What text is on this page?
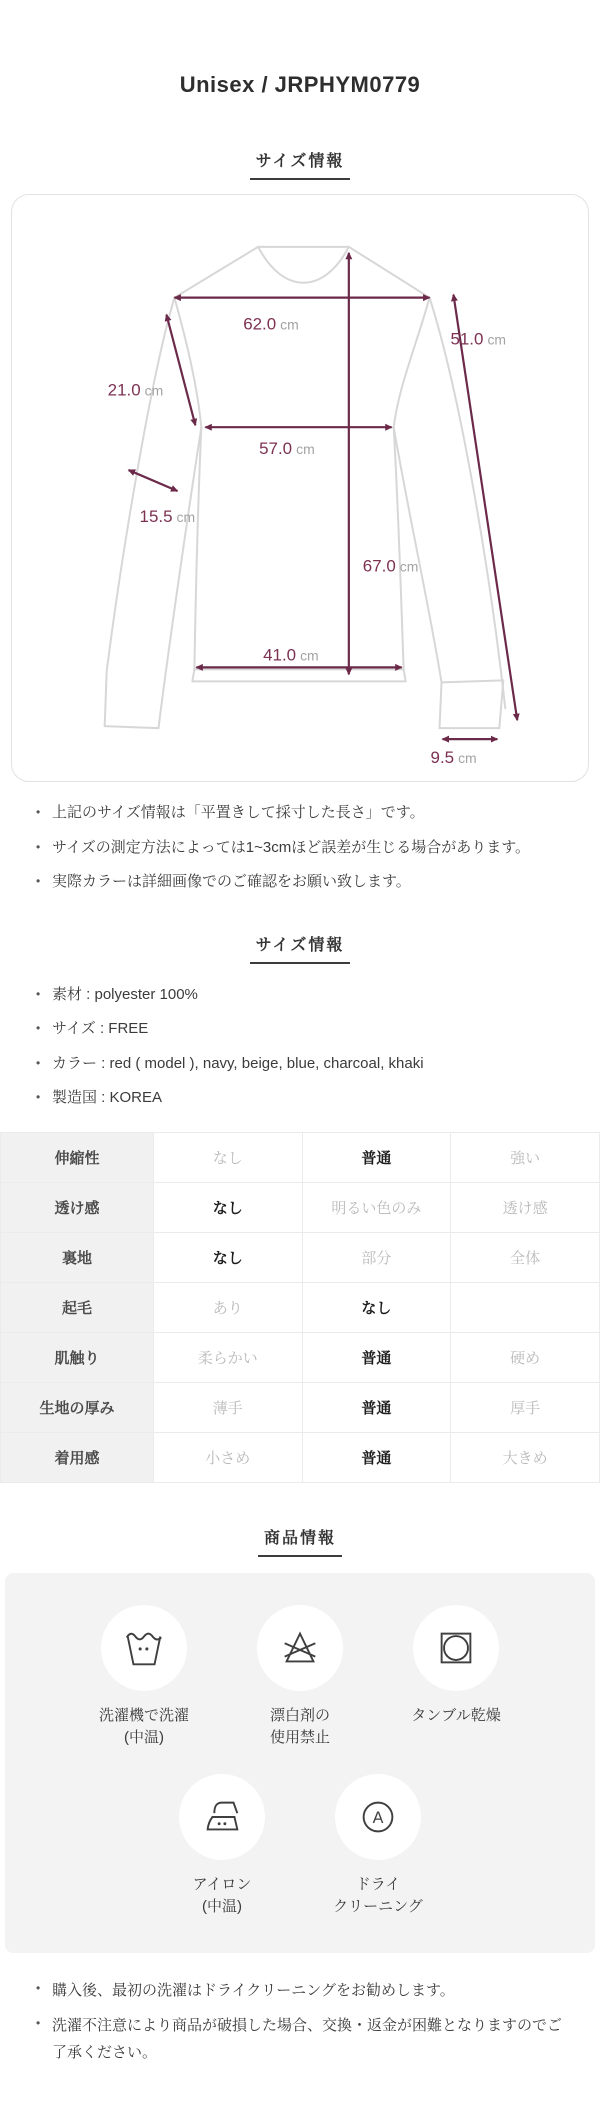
Unisex / JRPHYM0779
サイズ情報
62.0 cm
51.0 cm
21.0 cm
57.0 cm
15.5 cm
67.0 cm
41.0 cm
9.5 cm
• 上記のサイズ情報は「平置きして採寸した長さ」です。
• サイズの測定方法によっては1~3cmほど誤差が生じる場合があります。
• 実際カラーは詳細画像でのご確認をお願い致します。
サイズ情報
• 素材 : polyester 100%
• サイズ : FREE
• カラー : red ( model ), navy, beige, blue, charcoal, khaki
• 製造国 : KOREA
伸縮性	なし	普通	強い
透け感	なし	明るい色のみ	透け感
裏地	なし	部分	全体
起毛	あり	なし	
肌触り	柔らかい	普通	硬め
生地の厚み	薄手	普通	厚手
着用感	小さめ	普通	大きめ
商品情報
洗濯機で洗濯
(中温)
漂白剤の
使用禁止
タンブル乾燥
アイロン
(中温)
A
ドライ
クリーニング
• 購入後、最初の洗濯はドライクリーニングをお勧めします。
• 洗濯不注意により商品が破損した場合、交換・返金が困難となりますのでご了承ください。
